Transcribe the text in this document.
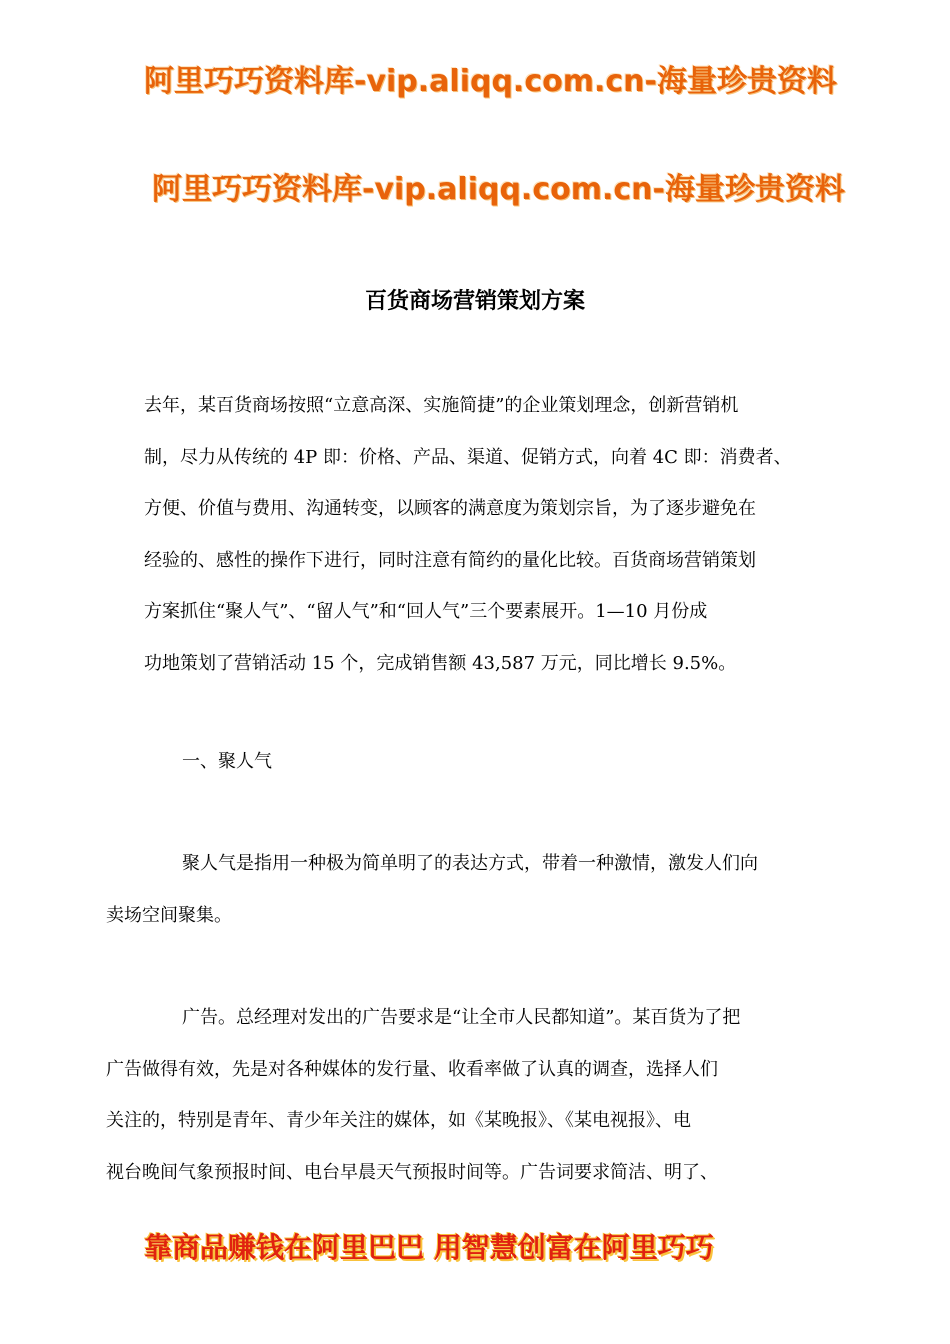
阿里巧巧资料库-vip.aliqq.com.cn-海量珍贵资料
阿里巧巧资料库-vip.aliqq.com.cn-海量珍贵资料
百货商场营销策划方案
去年，某百货商场按照“立意高深、实施简捷”的企业策划理念，创新营销机
制，尽力从传统的 4P 即：价格、产品、渠道、促销方式，向着 4C 即：消费者、
方便、价值与费用、沟通转变，以顾客的满意度为策划宗旨，为了逐步避免在
经验的、感性的操作下进行，同时注意有简约的量化比较。百货商场营销策划
方案抓住“聚人气”、“留人气”和“回人气”三个要素展开。1—10 月份成
功地策划了营销活动 15 个，完成销售额 43,587 万元，同比增长 9.5%。
一、聚人气
聚人气是指用一种极为简单明了的表达方式，带着一种激情，激发人们向
卖场空间聚集。
广告。总经理对发出的广告要求是“让全市人民都知道”。某百货为了把
广告做得有效，先是对各种媒体的发行量、收看率做了认真的调查，选择人们
关注的，特别是青年、青少年关注的媒体，如《某晚报》、《某电视报》、电
视台晚间气象预报时间、电台早晨天气预报时间等。广告词要求简洁、明了、
靠商品赚钱在阿里巴巴 用智慧创富在阿里巧巧
